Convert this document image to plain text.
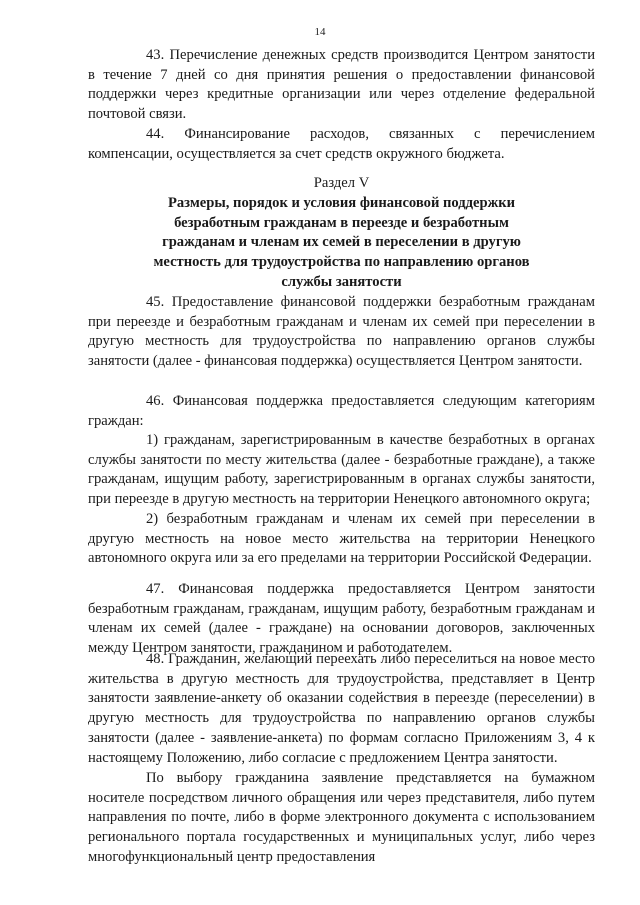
14

43. Перечисление денежных средств производится Центром занятости в течение 7 дней со дня принятия решения о предоставлении финансовой поддержки через кредитные организации или через отделение федеральной почтовой связи.

44. Финансирование расходов, связанных с перечислением компенсации, осуществляется за счет средств окружного бюджета.

Раздел V
Размеры, порядок и условия финансовой поддержки безработным гражданам в переезде и безработным гражданам и членам их семей в переселении в другую местность для трудоустройства по направлению органов службы занятости

45. Предоставление финансовой поддержки безработным гражданам при переезде и безработным гражданам и членам их семей при переселении в другую местность для трудоустройства по направлению органов службы занятости (далее - финансовая поддержка) осуществляется Центром занятости.

46. Финансовая поддержка предоставляется следующим категориям граждан:

1) гражданам, зарегистрированным в качестве безработных в органах службы занятости по месту жительства (далее - безработные граждане), а также гражданам, ищущим работу, зарегистрированным в органах службы занятости, при переезде в другую местность на территории Ненецкого автономного округа;

2) безработным гражданам и членам их семей при переселении в другую местность на новое место жительства на территории Ненецкого автономного округа или за его пределами на территории Российской Федерации.

47. Финансовая поддержка предоставляется Центром занятости безработным гражданам, гражданам, ищущим работу, безработным гражданам и членам их семей (далее - граждане) на основании договоров, заключенных между Центром занятости, гражданином и работодателем.

48. Гражданин, желающий переехать либо переселиться на новое место жительства в другую местность для трудоустройства, представляет в Центр занятости заявление-анкету об оказании содействия в переезде (переселении) в другую местность для трудоустройства по направлению органов службы занятости (далее - заявление-анкета) по формам согласно Приложениям 3, 4 к настоящему Положению, либо согласие с предложением Центра занятости.

По выбору гражданина заявление представляется на бумажном носителе посредством личного обращения или через представителя, либо путем направления по почте, либо в форме электронного документа с использованием регионального портала государственных и муниципальных услуг, либо через многофункциональный центр предоставления
